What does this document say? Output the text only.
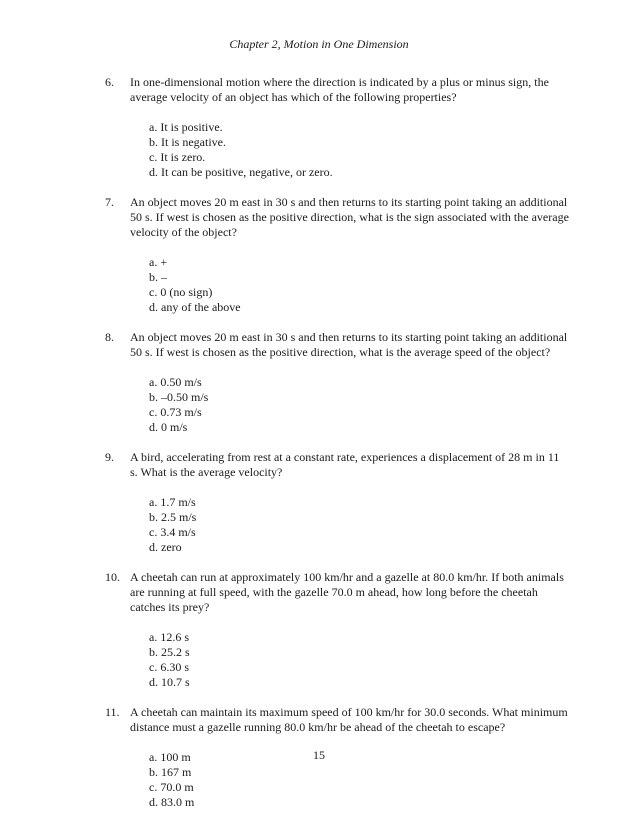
Chapter 2, Motion in One Dimension
6. In one-dimensional motion where the direction is indicated by a plus or minus sign, the average velocity of an object has which of the following properties?

a. It is positive.
b. It is negative.
c. It is zero.
d. It can be positive, negative, or zero.
7. An object moves 20 m east in 30 s and then returns to its starting point taking an additional 50 s. If west is chosen as the positive direction, what is the sign associated with the average velocity of the object?

a. +
b. –
c. 0 (no sign)
d. any of the above
8. An object moves 20 m east in 30 s and then returns to its starting point taking an additional 50 s. If west is chosen as the positive direction, what is the average speed of the object?

a. 0.50 m/s
b. –0.50 m/s
c. 0.73 m/s
d. 0 m/s
9. A bird, accelerating from rest at a constant rate, experiences a displacement of 28 m in 11 s. What is the average velocity?

a. 1.7 m/s
b. 2.5 m/s
c. 3.4 m/s
d. zero
10. A cheetah can run at approximately 100 km/hr and a gazelle at 80.0 km/hr. If both animals are running at full speed, with the gazelle 70.0 m ahead, how long before the cheetah catches its prey?

a. 12.6 s
b. 25.2 s
c. 6.30 s
d. 10.7 s
11. A cheetah can maintain its maximum speed of 100 km/hr for 30.0 seconds. What minimum distance must a gazelle running 80.0 km/hr be ahead of the cheetah to escape?

a. 100 m
b. 167 m
c. 70.0 m
d. 83.0 m
15
